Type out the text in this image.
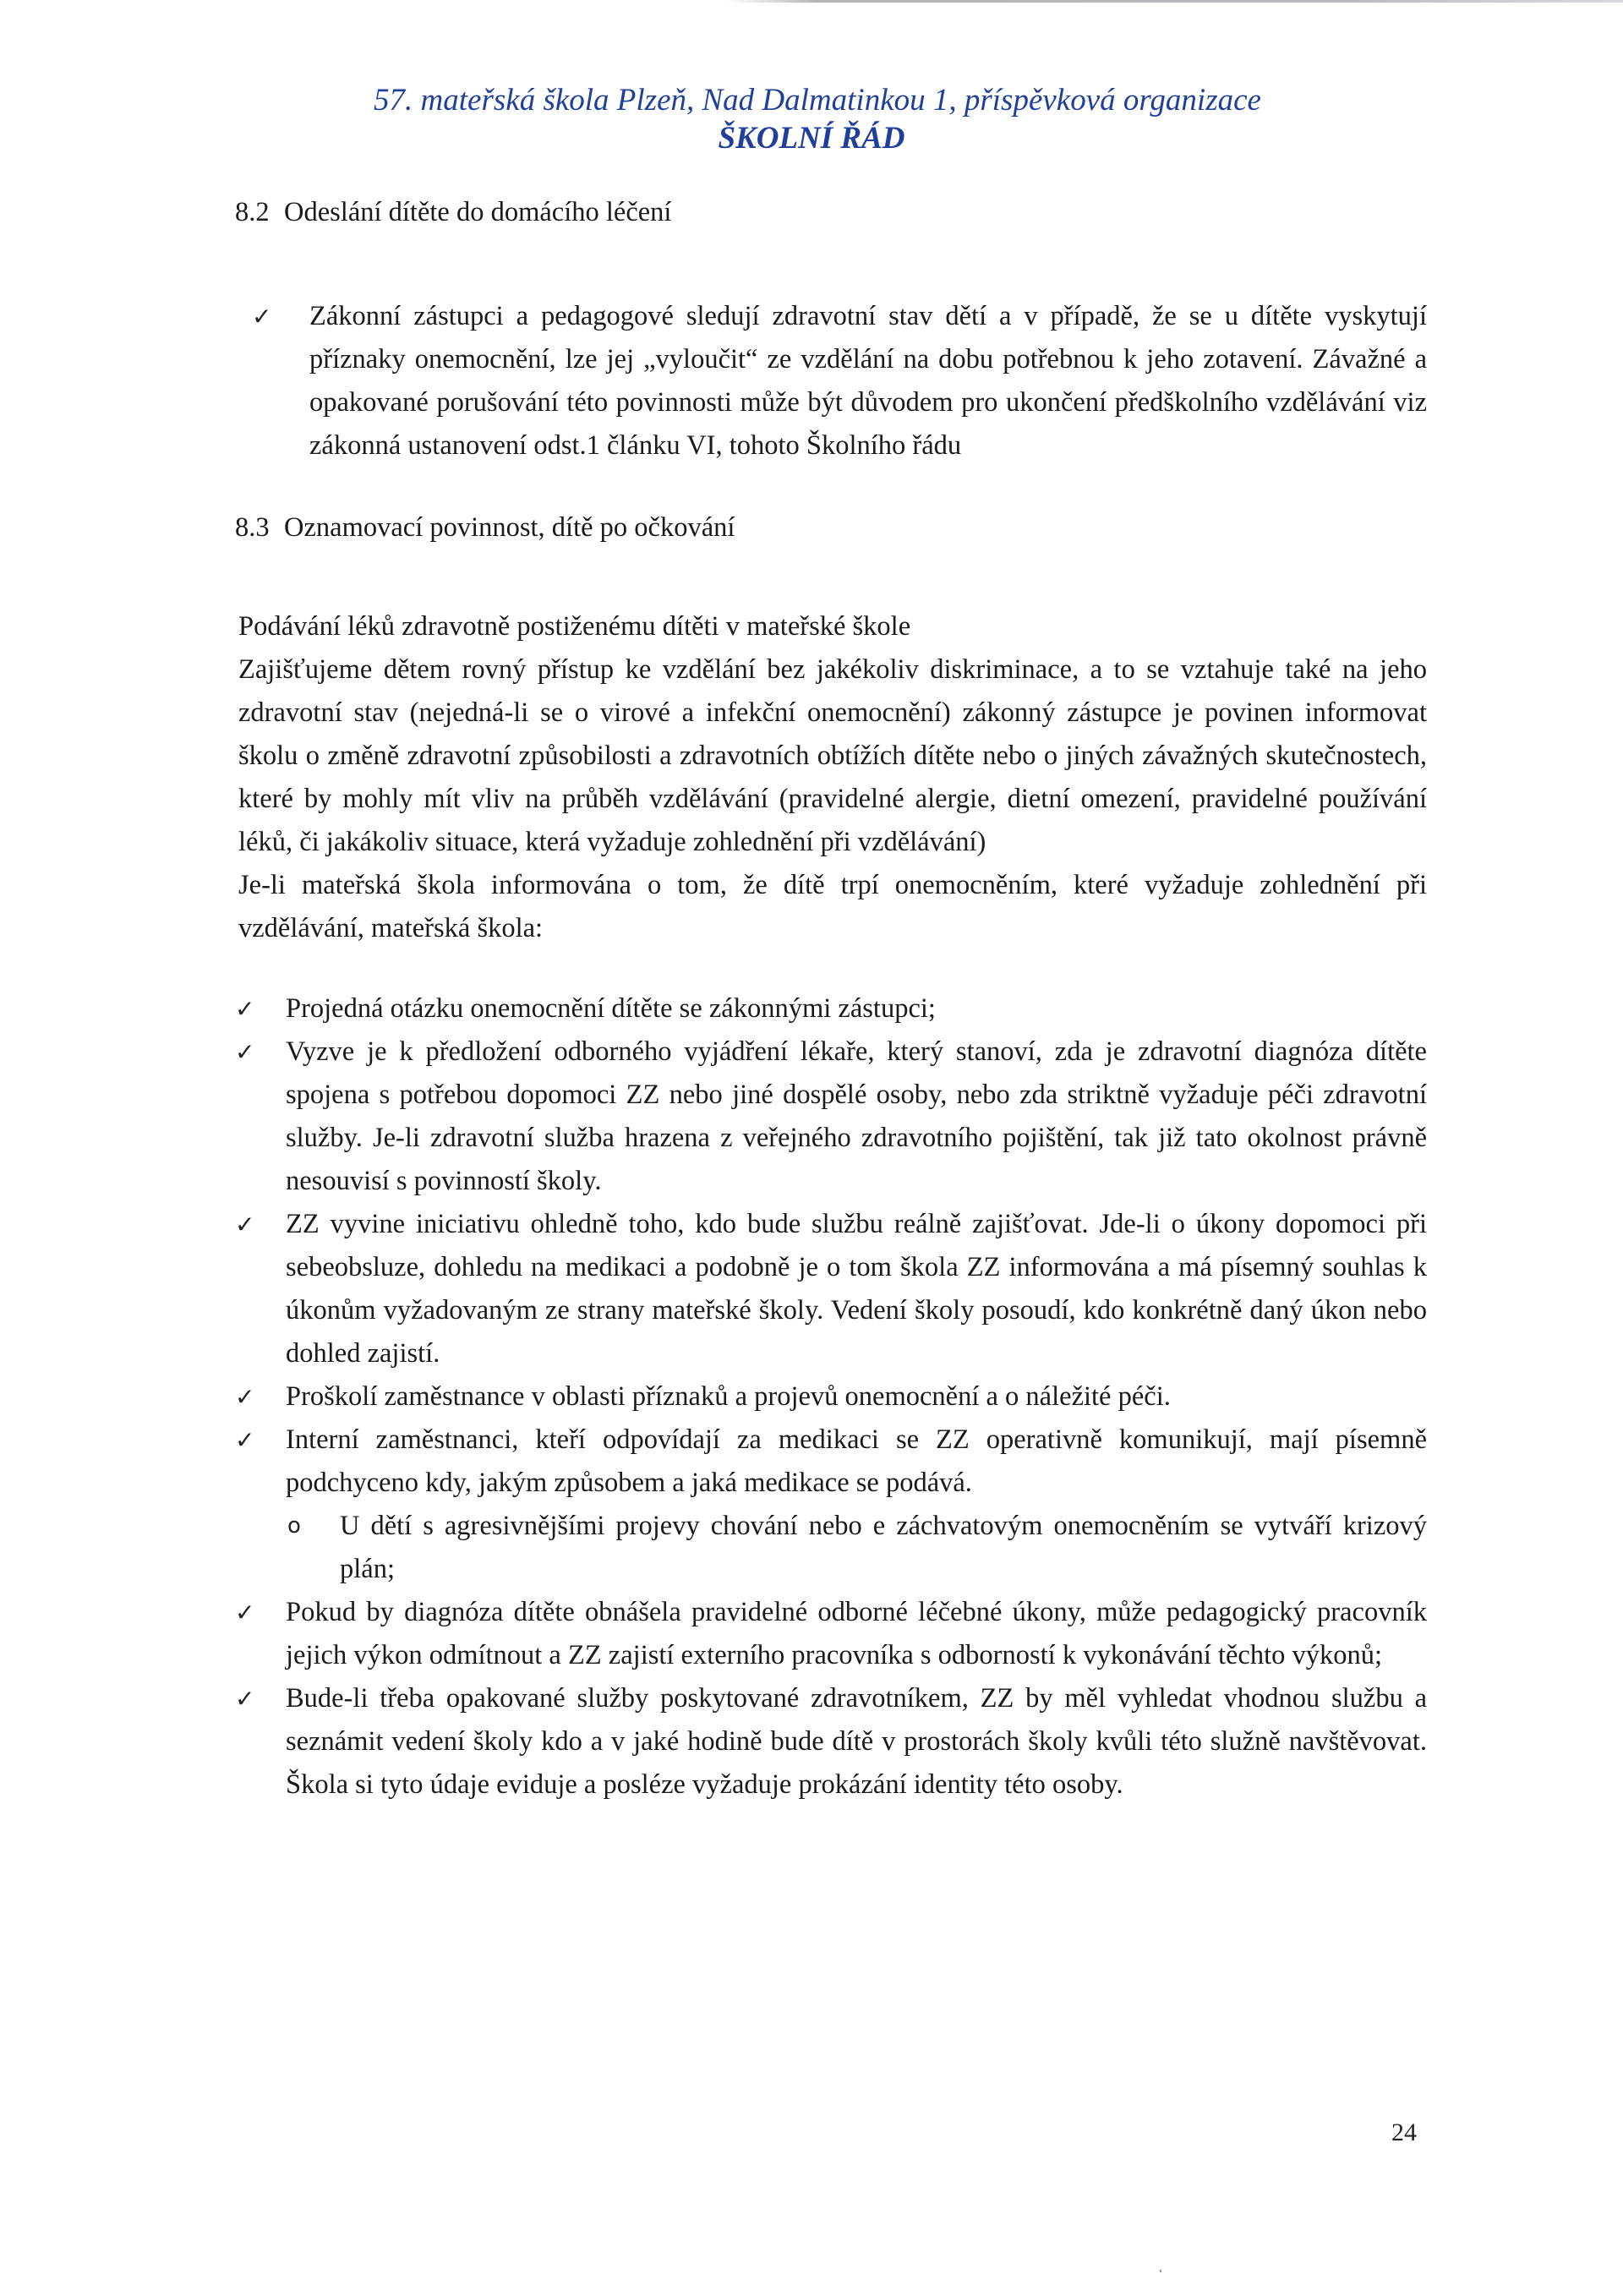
57. mateřská škola Plzeň, Nad Dalmatinkou 1, příspěvková organizace
ŠKOLNÍ ŘÁD
8.2 Odeslání dítěte do domácího léčení
✓	Zákonní zástupci a pedagogové sledují zdravotní stav dětí a v případě, že se u dítěte vyskytují příznaky onemocnění, lze jej „vyloučit“ ze vzdělání na dobu potřebnou k jeho zotavení. Závažné a opakované porušování této povinnosti může být důvodem pro ukončení předškolního vzdělávání viz zákonná ustanovení odst.1 článku VI, tohoto Školního řádu
8.3 Oznamovací povinnost, dítě po očkování

Podávání léků zdravotně postiženému dítěti v mateřské škole

Zajišťujeme dětem rovný přístup ke vzdělání bez jakékoliv diskriminace, a to se vztahuje také na jeho zdravotní stav (nejedná-li se o virové a infekční onemocnění) zákonný zástupce je povinen informovat školu o změně zdravotní způsobilosti a zdravotních obtížích dítěte nebo o jiných závažných skutečnostech, které by mohly mít vliv na průběh vzdělávání (pravidelné alergie, dietní omezení, pravidelné používání léků, či jakákoliv situace, která vyžaduje zohlednění při vzdělávání)

Je-li mateřská škola informována o tom, že dítě trpí onemocněním, které vyžaduje zohlednění při vzdělávání, mateřská škola:

✓	Projedná otázku onemocnění dítěte se zákonnými zástupci;
✓	Vyzve je k předložení odborného vyjádření lékaře, který stanoví, zda je zdravotní diagnóza dítěte spojena s potřebou dopomoci ZZ nebo jiné dospělé osoby, nebo zda striktně vyžaduje péči zdravotní služby. Je-li zdravotní služba hrazena z veřejného zdravotního pojištění, tak již tato okolnost právně nesouvisí s povinností školy.
✓	ZZ vyvine iniciativu ohledně toho, kdo bude službu reálně zajišťovat. Jde-li o úkony dopomoci při sebeobsluze, dohledu na medikaci a podobně je o tom škola ZZ informována a má písemný souhlas k úkonům vyžadovaným ze strany mateřské školy. Vedení školy posoudí, kdo konkrétně daný úkon nebo dohled zajistí.
✓	Proškolí zaměstnance v oblasti příznaků a projevů onemocnění a o náležité péči.
✓	Interní zaměstnanci, kteří odpovídají za medikaci se ZZ operativně komunikují, mají písemně podchyceno kdy, jakým způsobem a jaká medikace se podává.
o U dětí s agresivnějšími projevy chování nebo e záchvatovým onemocněním se vytváří krizový plán;
✓	Pokud by diagnóza dítěte obnášela pravidelné odborné léčebné úkony, může pedagogický pracovník jejich výkon odmítnout a ZZ zajistí externího pracovníka s odborností k vykonávání těchto výkonů;
✓	Bude-li třeba opakované služby poskytované zdravotníkem, ZZ by měl vyhledat vhodnou službu a seznámit vedení školy kdo a v jaké hodině bude dítě v prostorách školy kvůli této služně navštěvovat. Škola si tyto údaje eviduje a posléze vyžaduje prokázání identity této osoby.
24
